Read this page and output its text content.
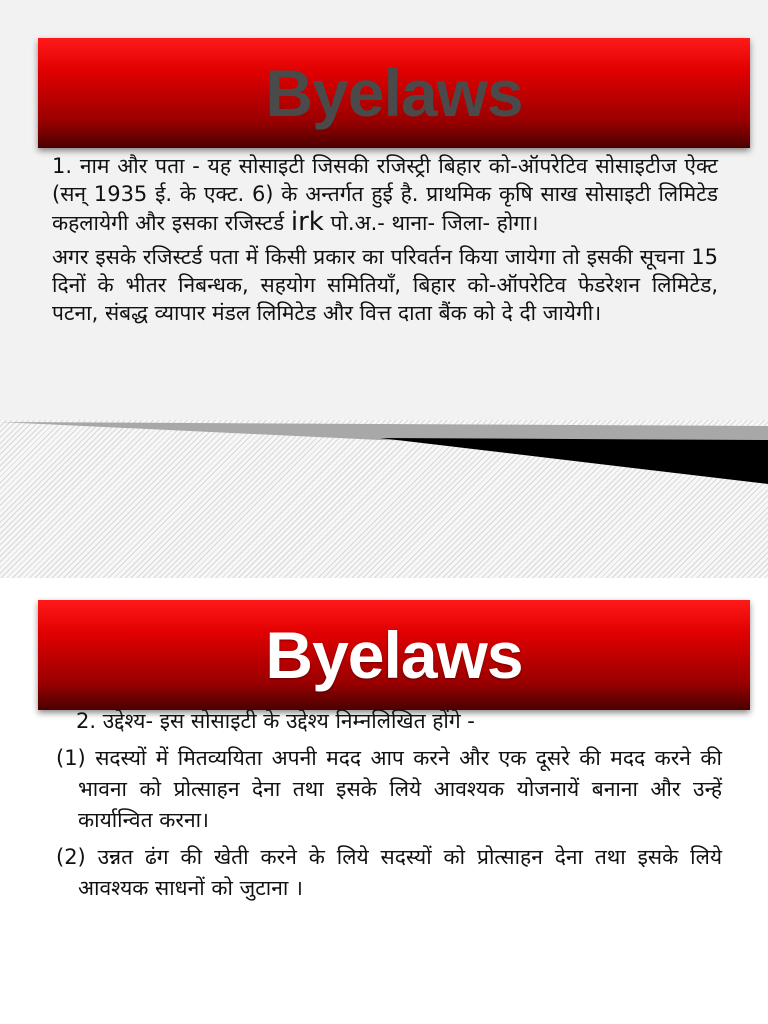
Byelaws

1. नाम और पता - यह सोसाइटी जिसकी रजिस्ट्री बिहार को-ऑपरेटिव सोसाइटीज ऐक्ट (सन् 1935 ई. के एक्ट. 6) के अन्तर्गत हुई है. प्राथमिक कृषि साख सोसाइटी लिमिटेड कहलायेगी और इसका रजिस्टर्ड irk पो.अ.- थाना- जिला- होगा।

अगर इसके रजिस्टर्ड पता में किसी प्रकार का परिवर्तन किया जायेगा तो इसकी सूचना 15 दिनों के भीतर निबन्धक, सहयोग समितियाँ, बिहार को-ऑपरेटिव फेडरेशन लिमिटेड, पटना, संबद्ध व्यापार मंडल लिमिटेड और वित्त दाता बैंक को दे दी जायेगी।

Byelaws

2. उद्देश्य- इस सोसाइटी के उद्देश्य निम्नलिखित होंगे -

(1) सदस्यों में मितव्ययिता अपनी मदद आप करने और एक दूसरे की मदद करने की भावना को प्रोत्साहन देना तथा इसके लिये आवश्यक योजनायें बनाना और उन्हें कार्यान्वित करना।

(2) उन्नत ढंग की खेती करने के लिये सदस्यों को प्रोत्साहन देना तथा इसके लिये आवश्यक साधनों को जुटाना ।
